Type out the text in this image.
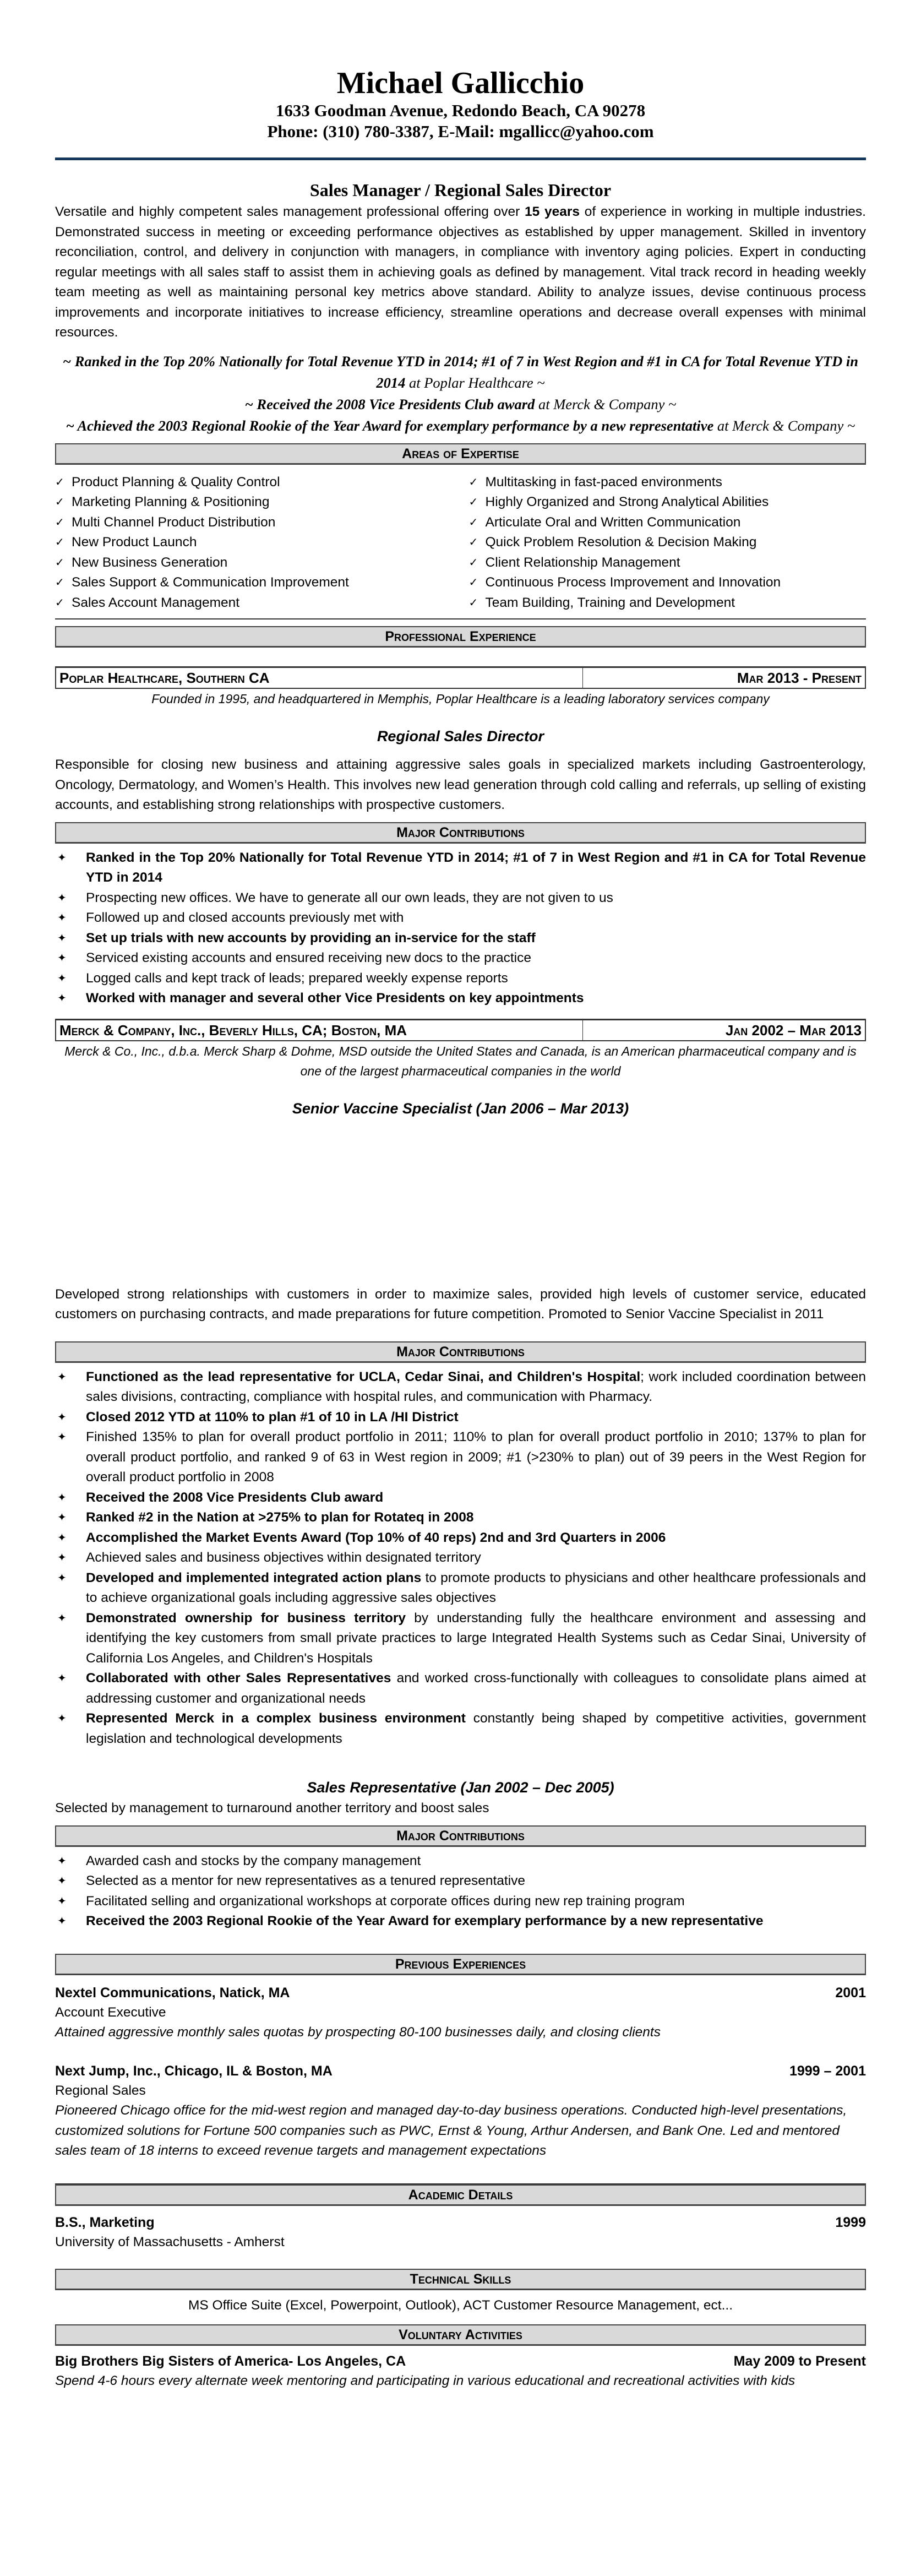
Michael Gallicchio
1633 Goodman Avenue, Redondo Beach, CA 90278
Phone: (310) 780-3387, E-Mail: mgallicc@yahoo.com
Sales Manager / Regional Sales Director
Versatile and highly competent sales management professional offering over 15 years of experience in working in multiple industries. Demonstrated success in meeting or exceeding performance objectives as established by upper management. Skilled in inventory reconciliation, control, and delivery in conjunction with managers, in compliance with inventory aging policies. Expert in conducting regular meetings with all sales staff to assist them in achieving goals as defined by management. Vital track record in heading weekly team meeting as well as maintaining personal key metrics above standard. Ability to analyze issues, devise continuous process improvements and incorporate initiatives to increase efficiency, streamline operations and decrease overall expenses with minimal resources.
~ Ranked in the Top 20% Nationally for Total Revenue YTD in 2014; #1 of 7 in West Region and #1 in CA for Total Revenue YTD in 2014 at Poplar Healthcare ~
~ Received the 2008 Vice Presidents Club award at Merck & Company ~
~ Achieved the 2003 Regional Rookie of the Year Award for exemplary performance by a new representative at Merck & Company ~
Areas of Expertise
✓ Product Planning & Quality Control
✓ Marketing Planning & Positioning
✓ Multi Channel Product Distribution
✓ New Product Launch
✓ New Business Generation
✓ Sales Support & Communication Improvement
✓ Sales Account Management
✓ Multitasking in fast-paced environments
✓ Highly Organized and Strong Analytical Abilities
✓ Articulate Oral and Written Communication
✓ Quick Problem Resolution & Decision Making
✓ Client Relationship Management
✓ Continuous Process Improvement and Innovation
✓ Team Building, Training and Development
Professional Experience
Poplar Healthcare, Southern CA	Mar 2013 - Present
Founded in 1995, and headquartered in Memphis, Poplar Healthcare is a leading laboratory services company
Regional Sales Director
Responsible for closing new business and attaining aggressive sales goals in specialized markets including Gastroenterology, Oncology, Dermatology, and Women’s Health. This involves new lead generation through cold calling and referrals, up selling of existing accounts, and establishing strong relationships with prospective customers.
Major Contributions
✦	Ranked in the Top 20% Nationally for Total Revenue YTD in 2014; #1 of 7 in West Region and #1 in CA for Total Revenue YTD in 2014
✦	Prospecting new offices. We have to generate all our own leads, they are not given to us
✦	Followed up and closed accounts previously met with
✦	Set up trials with new accounts by providing an in-service for the staff
✦	Serviced existing accounts and ensured receiving new docs to the practice
✦	Logged calls and kept track of leads; prepared weekly expense reports
✦	Worked with manager and several other Vice Presidents on key appointments
Merck & Company, Inc., Beverly Hills, CA; Boston, MA	Jan 2002 – Mar 2013
Merck & Co., Inc., d.b.a. Merck Sharp & Dohme, MSD outside the United States and Canada, is an American pharmaceutical company and is one of the largest pharmaceutical companies in the world
Senior Vaccine Specialist (Jan 2006 – Mar 2013)
Developed strong relationships with customers in order to maximize sales, provided high levels of customer service, educated customers on purchasing contracts, and made preparations for future competition. Promoted to Senior Vaccine Specialist in 2011
Major Contributions
✦	Functioned as the lead representative for UCLA, Cedar Sinai, and Children's Hospital; work included coordination between sales divisions, contracting, compliance with hospital rules, and communication with Pharmacy.
✦	Closed 2012 YTD at 110% to plan #1 of 10 in LA /HI District
✦	Finished 135% to plan for overall product portfolio in 2011; 110% to plan for overall product portfolio in 2010; 137% to plan for overall product portfolio, and ranked 9 of 63 in West region in 2009; #1 (>230% to plan) out of 39 peers in the West Region for overall product portfolio in 2008
✦	Received the 2008 Vice Presidents Club award
✦	Ranked #2 in the Nation at >275% to plan for Rotateq in 2008
✦	Accomplished the Market Events Award (Top 10% of 40 reps) 2nd and 3rd Quarters in 2006
✦	Achieved sales and business objectives within designated territory
✦	Developed and implemented integrated action plans to promote products to physicians and other healthcare professionals and to achieve organizational goals including aggressive sales objectives
✦	Demonstrated ownership for business territory by understanding fully the healthcare environment and assessing and identifying the key customers from small private practices to large Integrated Health Systems such as Cedar Sinai, University of California Los Angeles, and Children's Hospitals
✦	Collaborated with other Sales Representatives and worked cross-functionally with colleagues to consolidate plans aimed at addressing customer and organizational needs
✦	Represented Merck in a complex business environment constantly being shaped by competitive activities, government legislation and technological developments
Sales Representative (Jan 2002 – Dec 2005)
Selected by management to turnaround another territory and boost sales
Major Contributions
✦	Awarded cash and stocks by the company management
✦	Selected as a mentor for new representatives as a tenured representative
✦	Facilitated selling and organizational workshops at corporate offices during new rep training program
✦	Received the 2003 Regional Rookie of the Year Award for exemplary performance by a new representative
Previous Experiences
Nextel Communications, Natick, MA	2001
Account Executive
Attained aggressive monthly sales quotas by prospecting 80-100 businesses daily, and closing clients
Next Jump, Inc., Chicago, IL & Boston, MA	1999 – 2001
Regional Sales
Pioneered Chicago office for the mid-west region and managed day-to-day business operations. Conducted high-level presentations, customized solutions for Fortune 500 companies such as PWC, Ernst & Young, Arthur Andersen, and Bank One. Led and mentored sales team of 18 interns to exceed revenue targets and management expectations
Academic Details
B.S., Marketing	1999
University of Massachusetts - Amherst
Technical Skills
MS Office Suite (Excel, Powerpoint, Outlook), ACT Customer Resource Management, ect...
Voluntary Activities
Big Brothers Big Sisters of America- Los Angeles, CA	May 2009 to Present
Spend 4-6 hours every alternate week mentoring and participating in various educational and recreational activities with kids
